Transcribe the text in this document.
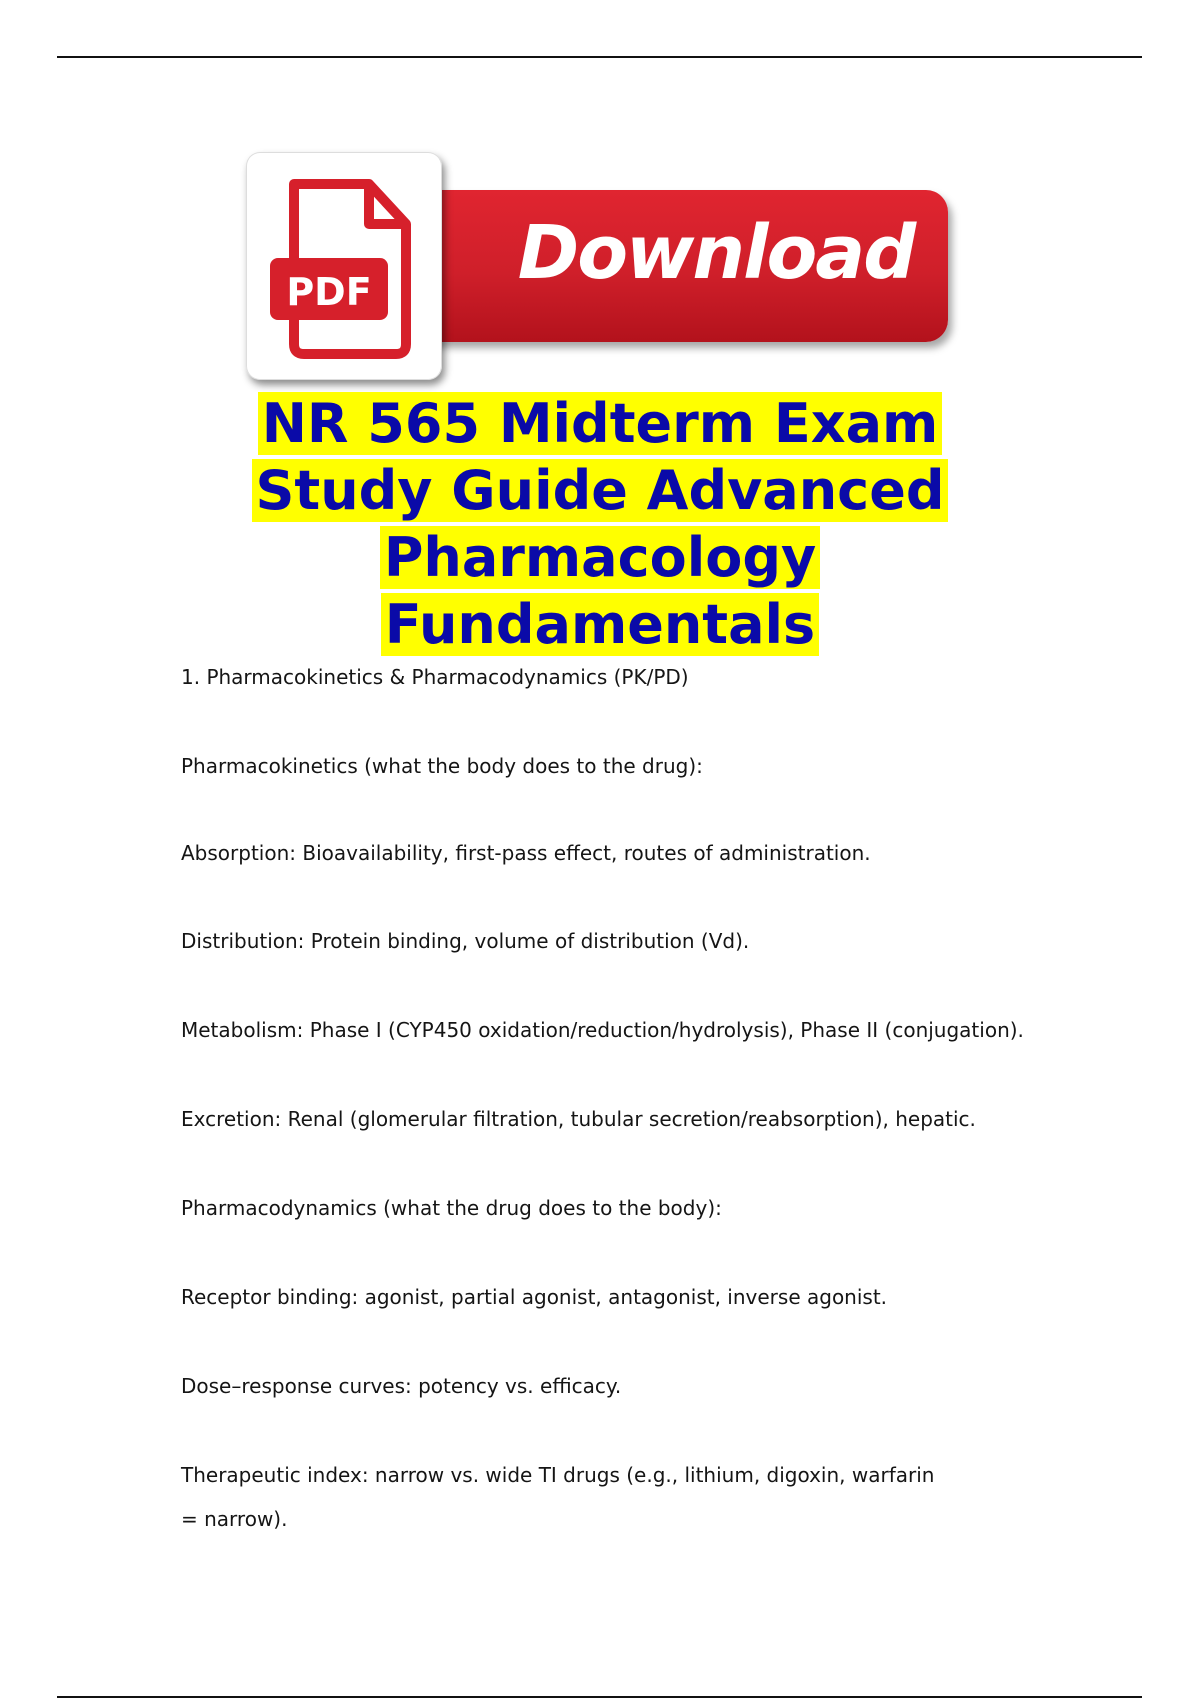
Download
PDF
NR 565 Midterm Exam
Study Guide Advanced
Pharmacology
Fundamentals
1. Pharmacokinetics & Pharmacodynamics (PK/PD)
Pharmacokinetics (what the body does to the drug):
Absorption: Bioavailability, first-pass effect, routes of administration.
Distribution: Protein binding, volume of distribution (Vd).
Metabolism: Phase I (CYP450 oxidation/reduction/hydrolysis), Phase II (conjugation).
Excretion: Renal (glomerular filtration, tubular secretion/reabsorption), hepatic.
Pharmacodynamics (what the drug does to the body):
Receptor binding: agonist, partial agonist, antagonist, inverse agonist.
Dose–response curves: potency vs. efficacy.
Therapeutic index: narrow vs. wide TI drugs (e.g., lithium, digoxin, warfarin = narrow).
